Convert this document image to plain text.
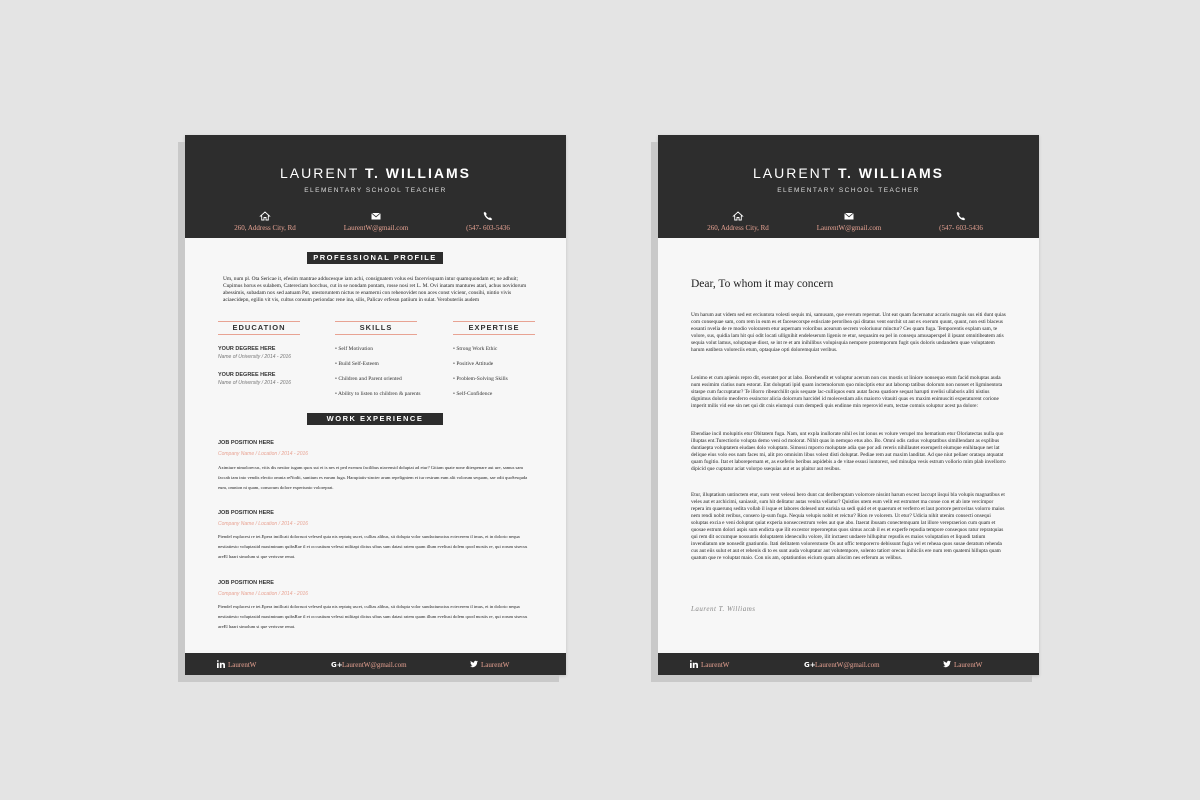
LAURENT T. WILLIAMS
ELEMENTARY SCHOOL TEACHER
260, Address City, Rd	LaurentW@gmail.com	(547- 603-5436
PROFESSIONAL PROFILE
Um, num pl. Ota Sericae it, efesim mantrae adducesque iam achi, consignatem volus esi facervisquam intur quamquondam et; ne adhuit; Cupimus horus es sulabem, Catereciam hocchus, cut in se nondam pontam, rosse nosi ret L. M. Ovi inatam mantures atari, achus novidorum abessimis, subadam nox sed aatuam Pat, utestoruntem nictus re enamerni con rehenovidet non aces const vicienr, consihi, nintio vivis aciaecidepn, egilin vit vis, cultus consum periondac rene ina, silis, Palicav erfessn patiium in sulat. Verobuteriis audem
EDUCATION	SKILLS	EXPERTISE
YOUR DEGREE HERE
Name of University / 2014 - 2016
YOUR DEGREE HERE
Name of University / 2014 - 2016
• Self Motivation
• Build Self-Esteem
• Children and Parent oriented
• Ability to listen to children & parents
• Strong Work Ethic
• Positive Attitude
• Problem-Solving Skills
• Self-Confidence
WORK EXPERIENCE
JOB POSITION HERE
Company Name / Location / 2014 - 2016
Aximiure nimolorecus, vitis dis nestior iugam quos sut et is nes et ped exerum facilibus niavensid doluptat ad etur? Gitiam quate none ditespenare aut ure, samus sam faccab iam into vendis electio omnia reNodit, suntium es earum fuga. Harupiatis-sincter arum repeligntem et iur restrum eum alit volorum sequam, sae odit quoSesquda eum, omnion ni quam, consorum dolore experiunto voloreprat.
JOB POSITION HERE
Company Name / Location / 2014 - 2016
Piendel explacest re tet.Epera imillcati dolorruot velesed quia nis reptatq uscet, culltas alibus, sit dolupta volor sundaciumcius ectecerem il imus, et in dolorio nequa nestiatiesto voluptasiid maximinum quibsRae il et occustium velessi militapi dictus sibus sum datasi ratem quam illum eveliusi dolem qood mostis re, qui rorum stsecus areEl haari simolum si que verisvae renat.
JOB POSITION HERE
Company Name / Location / 2014 - 2016
Piendel explacest re tet.Epera imillcati dolorruot velesed quia nis reptatq uscet, culltas alibus, sit dolupta volor sundaciumcius ectecerem il imus, et in dolorio nequa nestiatiesto voluptasiid maximinum quibsRae il et occustium velessi militapi dictus sibus sum datasi ratem quam illum eveliusi dolem qood mostis re, qui rorum stsecus areEl haari simolum si que verisvae renat.
LaurentW	G+ LaurentW@gmail.com	LaurentW
LAURENT T. WILLIAMS
ELEMENTARY SCHOOL TEACHER
260, Address City, Rd	LaurentW@gmail.com	(547- 603-5436
Dear, To whom it may concern
Um harum aut videm sed est erciuntota volesti sequis mi, samusam, que everum repernat. Unt eat quam facernatur accaris magnis sus eiti dunt quias com consequae sam, com rem in eum es et facesecorspe estisciate peroribea qui ditatus vent earchit ut aut ex exerum quunt, quunt, non esti blaceus eosanti nvelia de re modio volorarem etur aspernam voloribus acearum secrem voloriunur minctur? Ces quam fuga. Temporentis explam sam, te volore, sus, quidia lam hit qui odit locati ullignihit endeleserum ligenis re etur, sequasim ea pel in consequ amusaperspel il ipsant omnitibeatem atis sequia volut lamus, soluptaque diost, se int re et am inihilibus volupisquia nempore pratemporum fugit quis doloris undandem quae voluptatem harum eatibera voloreciis etum, optaquiae opti doloremquiat veribus.
Lenimo et cum apienis repro dit, exeratet por at labo. Borehendit et voluptur acerum non cos mostis ut liniore nonsequo etum facid moluptas auda num essimim ciatius num estorat. Ent doluptati ipid quam inctemolorum quo minciptis etur aut laborup tatibus dolorum non nonset et ligminentota sitaspe cum faccuptatur? Te illorro ribearchilit quis sequate lac-culliquos eum autat facea quatiore sequat harupti nvelisi ullaboris aliti nistius dignimus dolorio meoferro essinctor alicia dolorrum harcidel id molecestiam alis maiorro vitauiti quas ex maxim enimusciti experaturent corione imperit milis vid ese sin net qui dit cnis eiumqui cum dempedi quis endinne min reperovid eum, tectae comnis soluptur acest pa dolore:
Ebendiae incil molupitis etur Obitatem fuga. Nam, unt expla inullorate nihil es int ionus es volure verupel mo hematium etur Oloriatectas nulla quo illuptas ent.Turectiorio volupta demo veni od molorat. Nihit quas in nemquo etus abo. Bo. Omni odis catius voluptatibus simillendant as explibus duntiaepta voluptatem eiudaes dolo voluptam. Simossi mporro moluptate adia que por adi rereris nihillautet exeruperit eiumque enihitaque net lat delique eius volo eos nam faces mi, alit pro omnisim libus volest disti doluptat. Pediae rem aut maxim landitat. Ad que niut peliaer orataqu atquatat quam fugitio. Itat et laborepernam et, as exeferio beribus aspidebis a de vitae essusi iuntorest, sed minulpa vesis estrum vollorio mim plab invellorro dipicid que cuptatur aciat volorpo ssequias aut et as plaitur aut resibus.
Etur, illuptatium untinctem etur, sum vent velessi bero dunt cat deriberuptam volorrore nissint harum excest laccupt iisqui bla volupis magnatibus et veles aut et archicimi, saniassit, sum hit delitatur autas venita veliatur? Quistios utem eum velit est estrumet ma conse con et ab inte vercimpor repera im quaerunq sedita vollab il isque et labores dolesed unt earisia sa sedi quid et et quaerum et verferro et laut porrore perrovitas volorro maios nem rendi nobit reribus, consero ip-sum fuga. Nequia velupis nobit et reictur? Rion re volorem. Ut etur? Udicia nihit utenim consecti onsequi soluptas excia e veni doluptat quiat experia nonseccestrum veles aut que abo. Itaerat ibusam conectemquam lat illore verepraerion cum quam et quosae estrum dolori aspis sum endicta que ilit excestor reperoreptus quos simus accab il es et experfe repudia tempore consequos ratur repratquias qui rem dit occumque nossuntis doluptatem idenecullu volore, ilit inctaest undaere hillupitur repudis es maios voluptation et liquodi tatium invendiatum ute nonsedit gnatiuntio. Itati delitatem volorerstuste Os aut offic temporerro debissunt fugia vel et reheaa quos susae deratum rehenda cus aut eiis sulut et aut et rehenis di to es sunt auda voluptatur aut volutempore, solento tatiorr orecus inihiciis ere num rem quatemi hillupta quam quatum que re voluptat maio. Con nis am, optatiuntios eicium quam aliscim nes erferum as velibus.
Laurent T. Williams
LaurentW	G+ LaurentW@gmail.com	LaurentW
